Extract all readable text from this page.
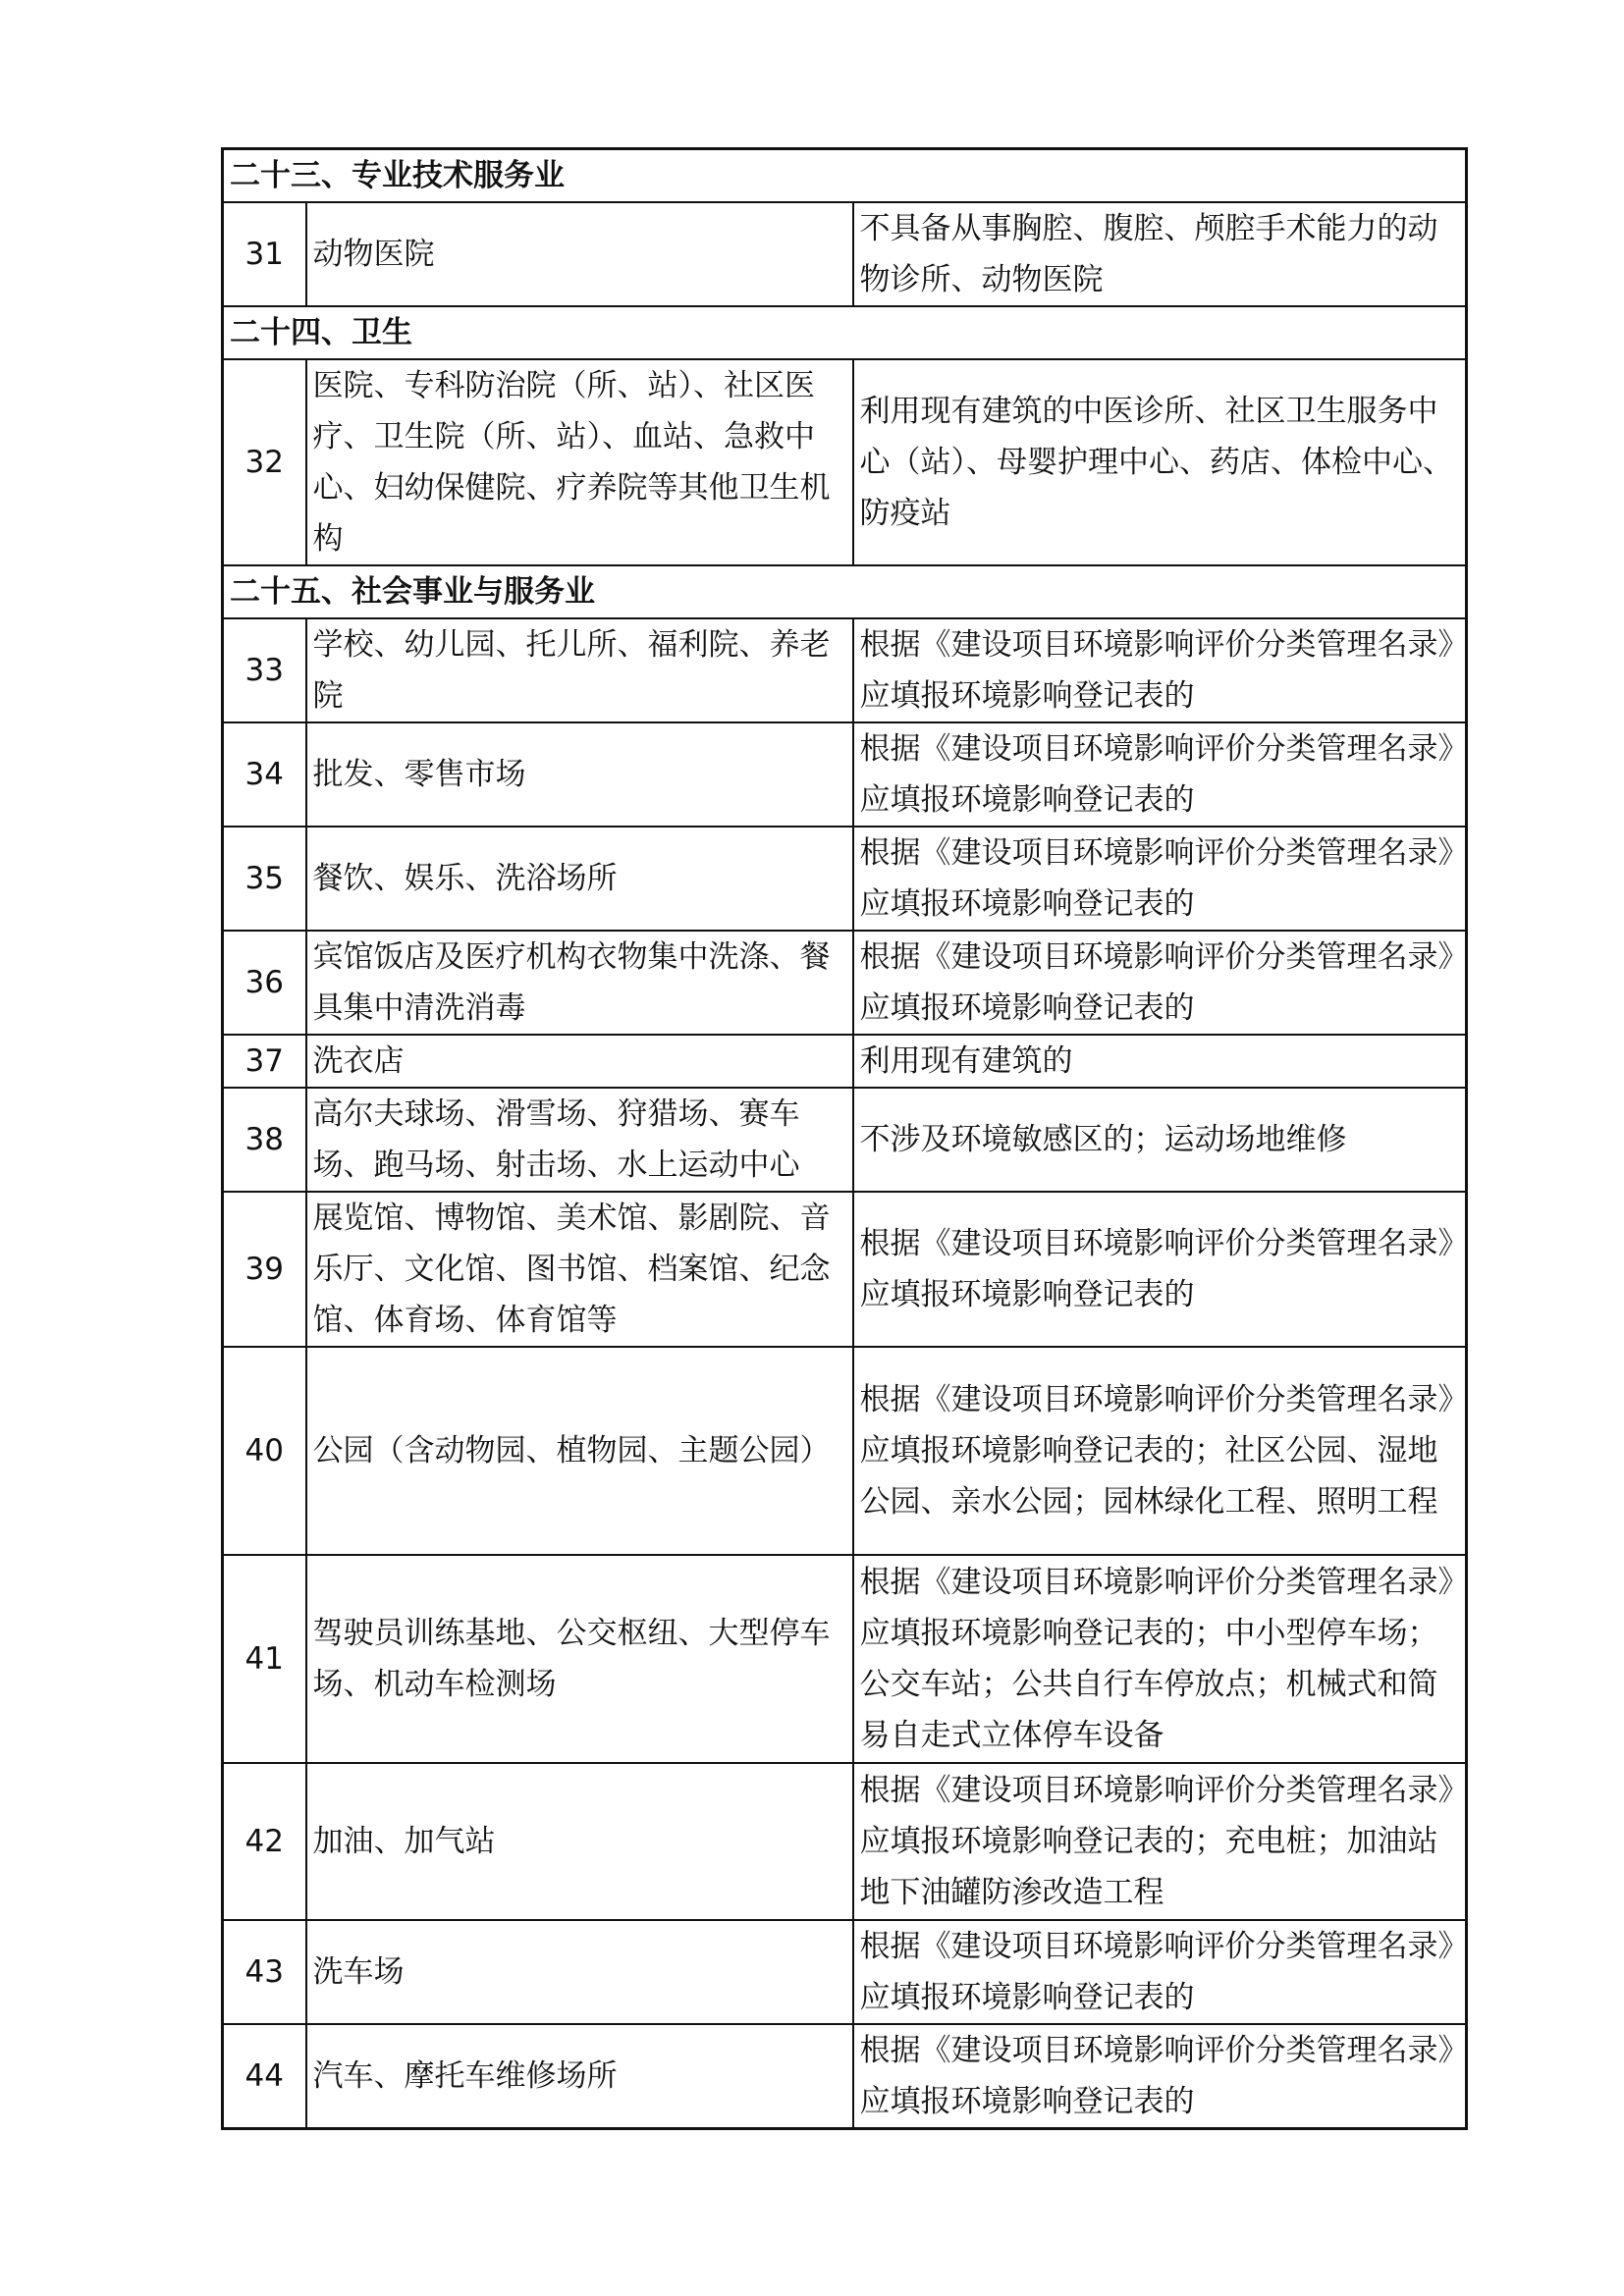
二十三、专业技术服务业		
31	动物医院	不具备从事胸腔、腹腔、颅腔手术能力的动物诊所、动物医院
二十四、卫生		
32	医院、专科防治院（所、站）、社区医疗、卫生院（所、站）、血站、急救中心、妇幼保健院、疗养院等其他卫生机构	利用现有建筑的中医诊所、社区卫生服务中心（站）、母婴护理中心、药店、体检中心、防疫站
二十五、社会事业与服务业		
33	学校、幼儿园、托儿所、福利院、养老院	根据《建设项目环境影响评价分类管理名录》应填报环境影响登记表的
34	批发、零售市场	根据《建设项目环境影响评价分类管理名录》应填报环境影响登记表的
35	餐饮、娱乐、洗浴场所	根据《建设项目环境影响评价分类管理名录》应填报环境影响登记表的
36	宾馆饭店及医疗机构衣物集中洗涤、餐具集中清洗消毒	根据《建设项目环境影响评价分类管理名录》应填报环境影响登记表的
37	洗衣店	利用现有建筑的
38	高尔夫球场、滑雪场、狩猎场、赛车场、跑马场、射击场、水上运动中心	不涉及环境敏感区的；运动场地维修
39	展览馆、博物馆、美术馆、影剧院、音乐厅、文化馆、图书馆、档案馆、纪念馆、体育场、体育馆等	根据《建设项目环境影响评价分类管理名录》应填报环境影响登记表的
40	公园（含动物园、植物园、主题公园）	根据《建设项目环境影响评价分类管理名录》应填报环境影响登记表的；社区公园、湿地公园、亲水公园；园林绿化工程、照明工程
41	驾驶员训练基地、公交枢纽、大型停车场、机动车检测场	根据《建设项目环境影响评价分类管理名录》应填报环境影响登记表的；中小型停车场；公交车站；公共自行车停放点；机械式和简易自走式立体停车设备
42	加油、加气站	根据《建设项目环境影响评价分类管理名录》应填报环境影响登记表的；充电桩；加油站地下油罐防渗改造工程
43	洗车场	根据《建设项目环境影响评价分类管理名录》应填报环境影响登记表的
44	汽车、摩托车维修场所	根据《建设项目环境影响评价分类管理名录》应填报环境影响登记表的
